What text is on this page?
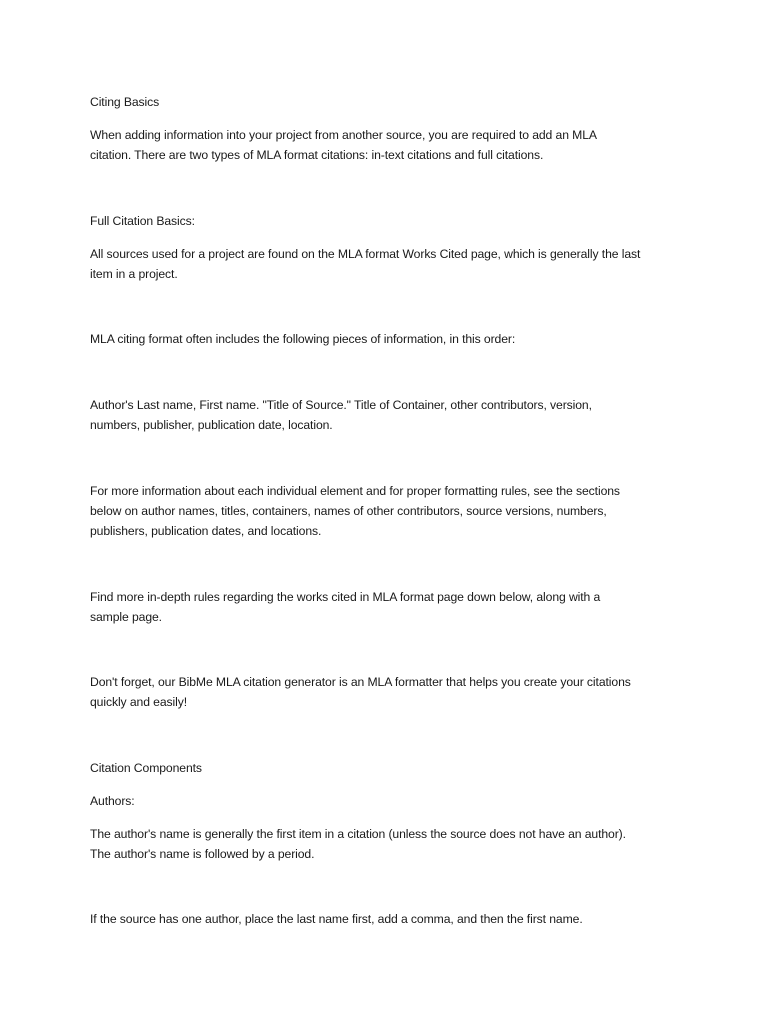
Citing Basics
When adding information into your project from another source, you are required to add an MLA
citation. There are two types of MLA format citations: in-text citations and full citations.
Full Citation Basics:
All sources used for a project are found on the MLA format Works Cited page, which is generally the last
item in a project.
MLA citing format often includes the following pieces of information, in this order:
Author's Last name, First name. "Title of Source." Title of Container, other contributors, version,
numbers, publisher, publication date, location.
For more information about each individual element and for proper formatting rules, see the sections
below on author names, titles, containers, names of other contributors, source versions, numbers,
publishers, publication dates, and locations.
Find more in-depth rules regarding the works cited in MLA format page down below, along with a
sample page.
Don't forget, our BibMe MLA citation generator is an MLA formatter that helps you create your citations
quickly and easily!
Citation Components
Authors:
The author's name is generally the first item in a citation (unless the source does not have an author).
The author's name is followed by a period.
If the source has one author, place the last name first, add a comma, and then the first name.
